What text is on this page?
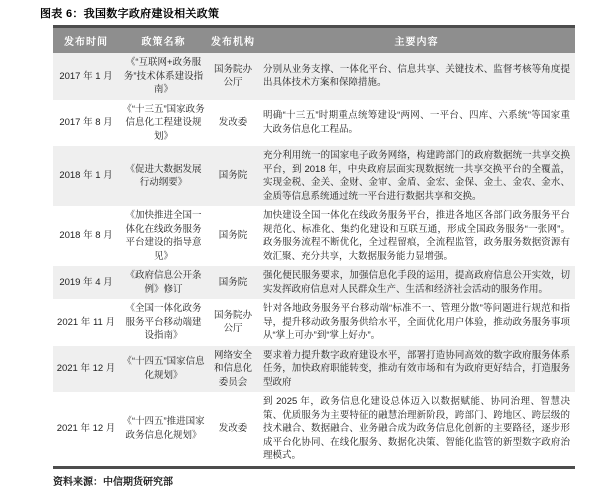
图表 6：我国数字政府建设相关政策
发布时间	政策名称	发布机构	主要内容
2017 年 1 月	《“互联网+政务服务”技术体系建设指南》	国务院办公厅	分别从业务支撑、一体化平台、信息共享、关键技术、监督考核等角度提出具体技术方案和保障措施。
2017 年 8 月	《“十三五”国家政务信息化工程建设规划》	发改委	明确“十三五”时期重点统筹建设“两网、一平台、四库、六系统”等国家重大政务信息化工程品。
2018 年 1 月	《促进大数据发展行动纲要》	国务院	充分利用统一的国家电子政务网络，构建跨部门的政府数据统一共享交换平台，到 2018 年，中央政府层面实现数据统一共享交换平台的全覆盖，实现金税、金关、金财、金审、金盾、金宏、金保、金土、金农、金水、金质等信息系统通过统一平台进行数据共享和交换。
2018 年 8 月	《加快推进全国一体化在线政务服务平台建设的指导意见》	国务院	加快建设全国一体化在线政务服务平台，推进各地区各部门政务服务平台规范化、标准化、集约化建设和互联互通，形成全国政务服务“一张网”。政务服务流程不断优化，全过程留痕，全流程监管，政务服务数据资源有效汇聚、充分共享，大数据服务能力显增强。
2019 年 4 月	《政府信息公开条例》修订	国务院	强化便民服务要求，加强信息化手段的运用，提高政府信息公开实效，切实发挥政府信息对人民群众生产、生活和经济社会活动的服务作用。
2021 年 11 月	《全国一体化政务服务平台移动端建设指南》	国务院办公厅	针对各地政务服务平台移动端“标准不一、管理分散”等问题进行规范和指导，提升移动政务服务供给水平，全面优化用户体验，推动政务服务事项从“掌上可办”到“掌上好办”。
2021 年 12 月	《“十四五”国家信息化规划》	网络安全和信息化委员会	要求着力提升数字政府建设水平，部署打造协同高效的数字政府服务体系任务，加快政府职能转变，推动有效市场和有为政府更好结合，打造服务型政府
2021 年 12 月	《“十四五”推进国家政务信息化规划》	发改委	到 2025 年，政务信息化建设总体迈入以数据赋能、协同治理、智慧决策、优质服务为主要特征的融慧治理新阶段，跨部门、跨地区、跨层级的技术融合、数据融合、业务融合成为政务信息化创新的主要路径，逐步形成平台化协同、在线化服务、数据化决策、智能化监管的新型数字政府治理模式。
资料来源：中信期货研究部
